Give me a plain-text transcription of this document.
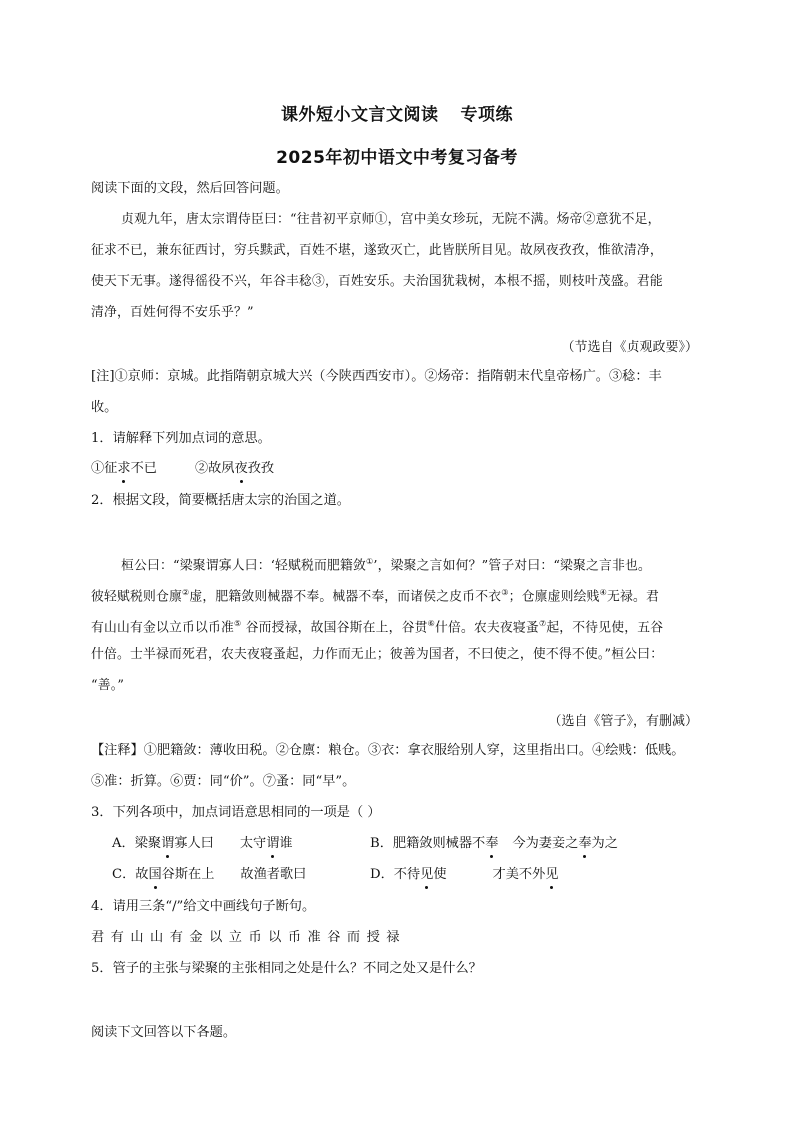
课外短小文言文阅读 专项练
2025年初中语文中考复习备考
阅读下面的文段，然后回答问题。
贞观九年，唐太宗谓侍臣曰：“往昔初平京师①，宫中美女珍玩，无院不满。炀帝②意犹不足，
征求不已，兼东征西讨，穷兵黩武，百姓不堪，遂致灭亡，此皆朕所目见。故夙夜孜孜，惟欲清净，
使天下无事。遂得徭役不兴，年谷丰稔③，百姓安乐。夫治国犹栽树，本根不摇，则枝叶茂盛。君能
清净，百姓何得不安乐乎？”
（节选自《贞观政要》）
[注]①京师：京城。此指隋朝京城大兴（今陕西西安市）。②炀帝：指隋朝末代皇帝杨广。③稔：丰
收。
1．请解释下列加点词的意思。
①征求不已	②故夙夜孜孜
2．根据文段，简要概括唐太宗的治国之道。
桓公曰：“梁聚谓寡人曰：‘轻赋税而肥籍敛①’，梁聚之言如何？”管子对曰：“梁聚之言非也。
彼轻赋税则仓廪②虚，肥籍敛则械器不奉。械器不奉，而诸侯之皮币不衣③；仓廪虚则绘贱④无禄。君
有山山有金以立币以币准⑤ 谷而授禄，故国谷斯在上，谷贯⑥什倍。农夫夜寝蚤⑦起，不待见使，五谷
什倍。士半禄而死君，农夫夜寝蚤起，力作而无止；彼善为国者，不曰使之，使不得不使。”桓公曰：
“善。”
（选自《管子》，有删减）
【注释】①肥籍敛：薄收田税。②仓廪：粮仓。③衣：拿衣服给别人穿，这里指出口。④绘贱：低贱。
⑤准：折算。⑥贾：同“价”。⑦蚤：同“早”。
3．下列各项中，加点词语意思相同的一项是（ ）
A．梁聚谓寡人曰 太守谓谁	B．肥籍敛则械器不奉 今为妻妾之奉为之
C．故国谷斯在上 故渔者歌曰	D．不待见使	才美不外见
4．请用三条“/”给文中画线句子断句。
君有山山有金以立币以币准谷而授禄
5．管子的主张与梁聚的主张相同之处是什么？不同之处又是什么？
阅读下文回答以下各题。
